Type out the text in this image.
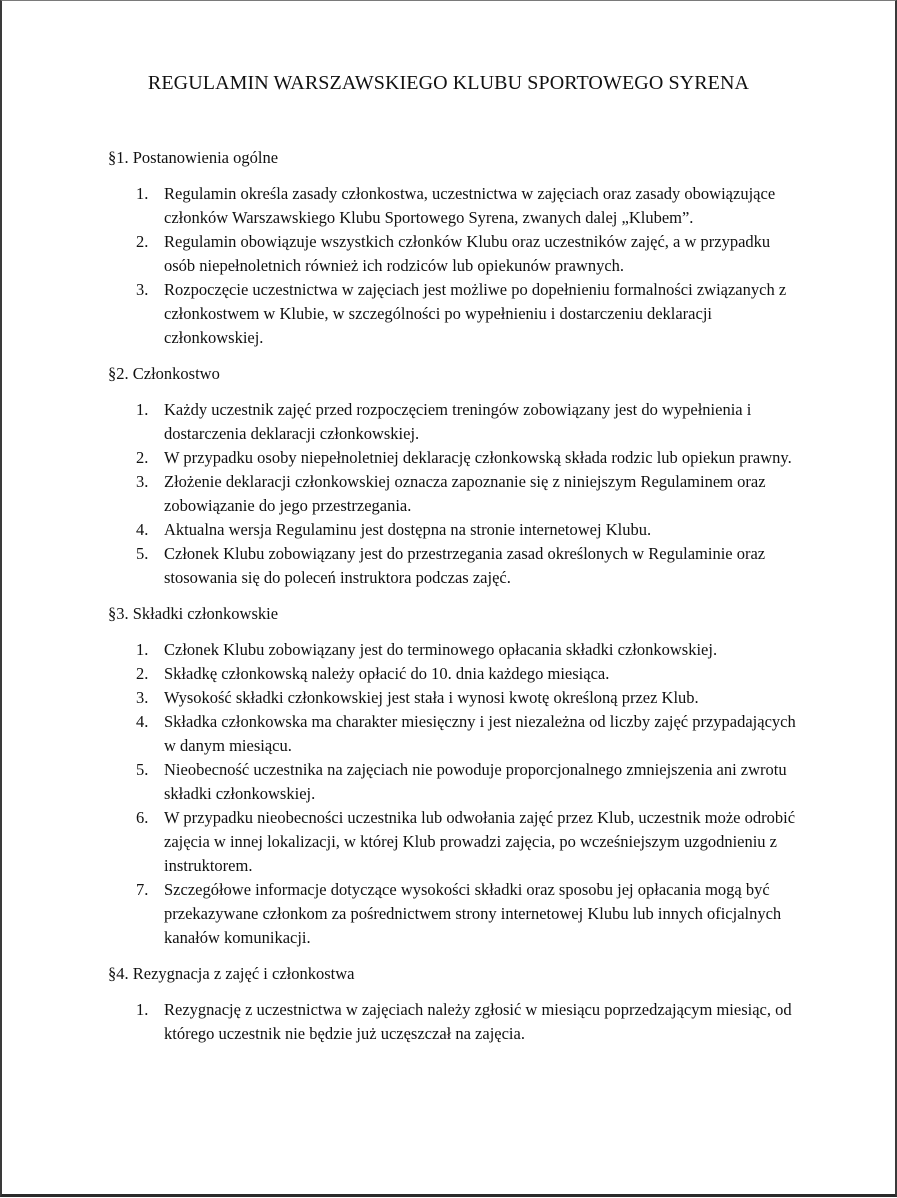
REGULAMIN WARSZAWSKIEGO KLUBU SPORTOWEGO SYRENA
§1. Postanowienia ogólne
1. Regulamin określa zasady członkostwa, uczestnictwa w zajęciach oraz zasady obowiązujące członków Warszawskiego Klubu Sportowego Syrena, zwanych dalej „Klubem”.
2. Regulamin obowiązuje wszystkich członków Klubu oraz uczestników zajęć, a w przypadku osób niepełnoletnich również ich rodziców lub opiekunów prawnych.
3. Rozpoczęcie uczestnictwa w zajęciach jest możliwe po dopełnieniu formalności związanych z członkostwem w Klubie, w szczególności po wypełnieniu i dostarczeniu deklaracji członkowskiej.
§2. Członkostwo
1. Każdy uczestnik zajęć przed rozpoczęciem treningów zobowiązany jest do wypełnienia i dostarczenia deklaracji członkowskiej.
2. W przypadku osoby niepełnoletniej deklarację członkowską składa rodzic lub opiekun prawny.
3. Złożenie deklaracji członkowskiej oznacza zapoznanie się z niniejszym Regulaminem oraz zobowiązanie do jego przestrzegania.
4. Aktualna wersja Regulaminu jest dostępna na stronie internetowej Klubu.
5. Członek Klubu zobowiązany jest do przestrzegania zasad określonych w Regulaminie oraz stosowania się do poleceń instruktora podczas zajęć.
§3. Składki członkowskie
1. Członek Klubu zobowiązany jest do terminowego opłacania składki członkowskiej.
2. Składkę członkowską należy opłacić do 10. dnia każdego miesiąca.
3. Wysokość składki członkowskiej jest stała i wynosi kwotę określoną przez Klub.
4. Składka członkowska ma charakter miesięczny i jest niezależna od liczby zajęć przypadających w danym miesiącu.
5. Nieobecność uczestnika na zajęciach nie powoduje proporcjonalnego zmniejszenia ani zwrotu składki członkowskiej.
6. W przypadku nieobecności uczestnika lub odwołania zajęć przez Klub, uczestnik może odrobić zajęcia w innej lokalizacji, w której Klub prowadzi zajęcia, po wcześniejszym uzgodnieniu z instruktorem.
7. Szczegółowe informacje dotyczące wysokości składki oraz sposobu jej opłacania mogą być przekazywane członkom za pośrednictwem strony internetowej Klubu lub innych oficjalnych kanałów komunikacji.
§4. Rezygnacja z zajęć i członkostwa
1. Rezygnację z uczestnictwa w zajęciach należy zgłosić w miesiącu poprzedzającym miesiąc, od którego uczestnik nie będzie już uczęszczał na zajęcia.
